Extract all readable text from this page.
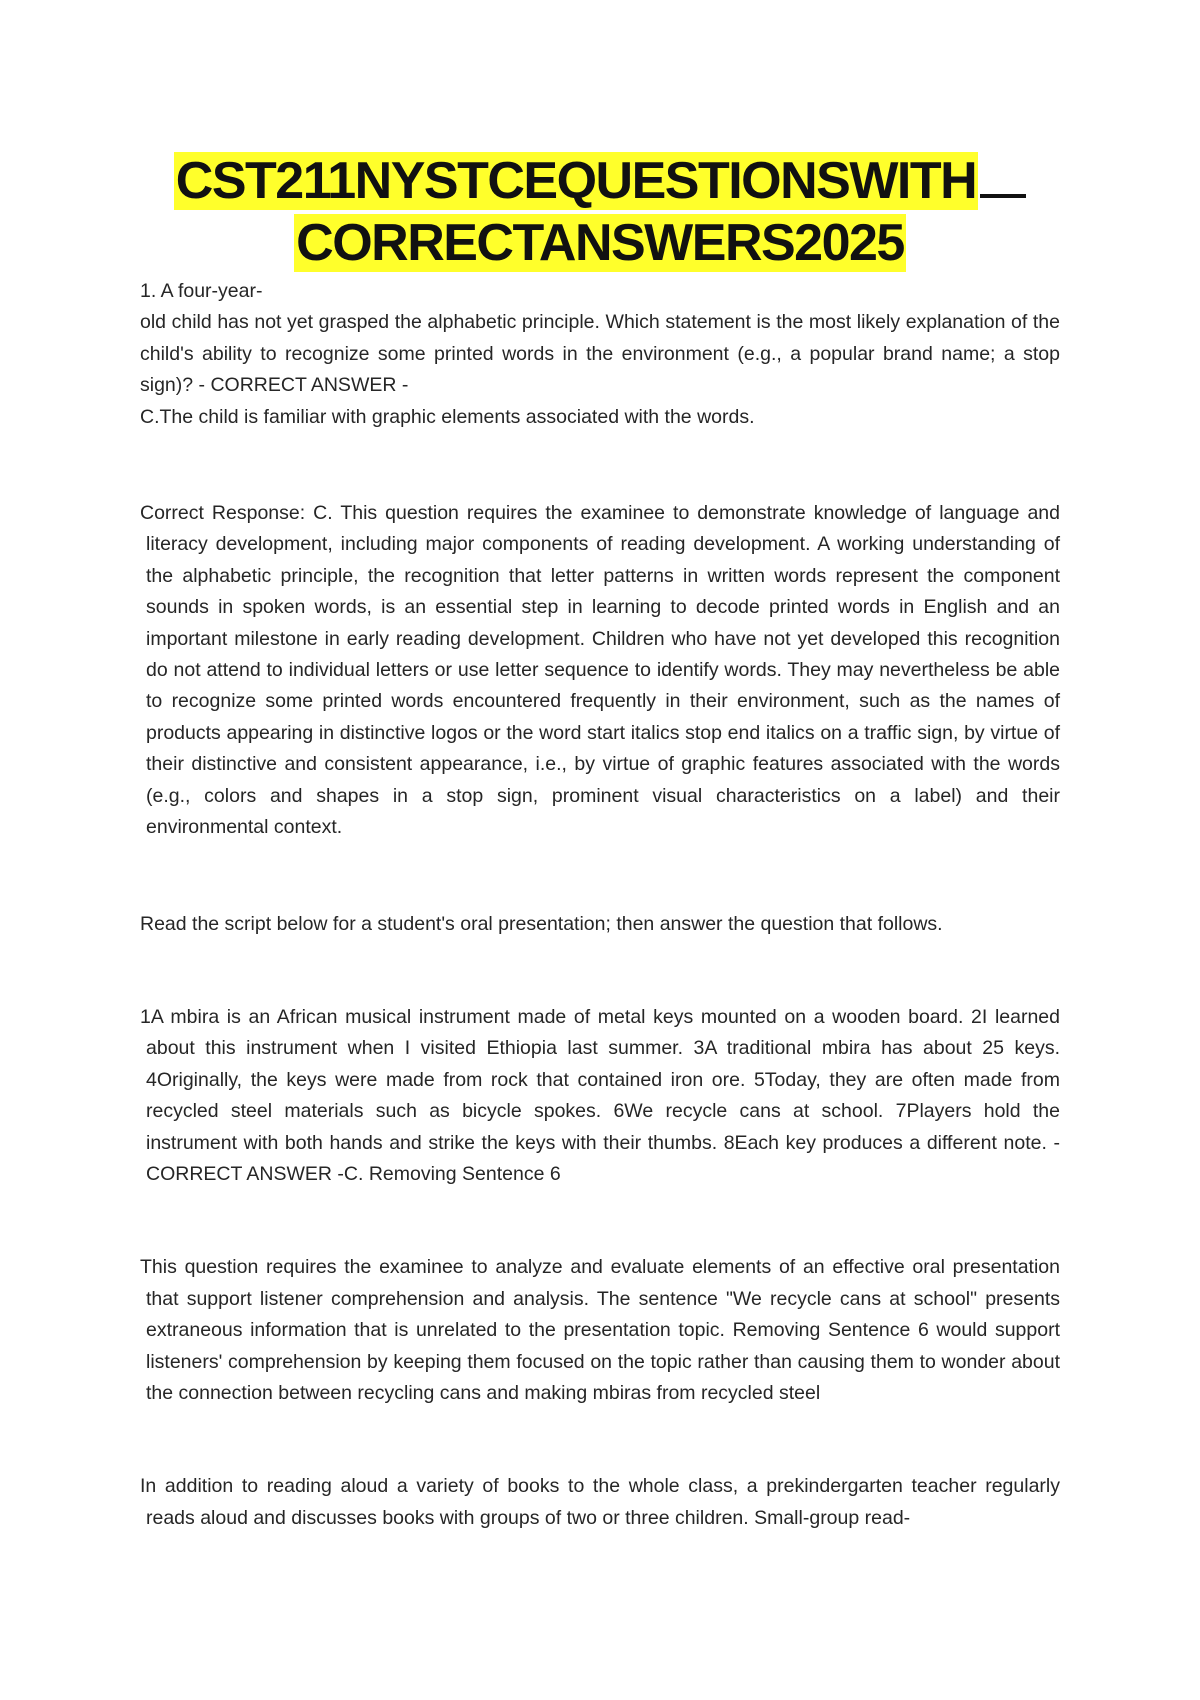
CST211NYSTCEQUESTIONSWITH
CORRECTANSWERS2025

1. A four-year-

old child has not yet grasped the alphabetic principle. Which statement is the most likely explanation of the child's ability to recognize some printed words in the environment (e.g., a popular brand name; a stop sign)? - CORRECT ANSWER -

C.The child is familiar with graphic elements associated with the words.

Correct Response: C. This question requires the examinee to demonstrate knowledge of language and literacy development, including major components of reading development. A working understanding of the alphabetic principle, the recognition that letter patterns in written words represent the component sounds in spoken words, is an essential step in learning to decode printed words in English and an important milestone in early reading development. Children who have not yet developed this recognition do not attend to individual letters or use letter sequence to identify words. They may nevertheless be able to recognize some printed words encountered frequently in their environment, such as the names of products appearing in distinctive logos or the word start italics stop end italics on a traffic sign, by virtue of their distinctive and consistent appearance, i.e., by virtue of graphic features associated with the words (e.g., colors and shapes in a stop sign, prominent visual characteristics on a label) and their environmental context.

Read the script below for a student's oral presentation; then answer the question that follows.

1A mbira is an African musical instrument made of metal keys mounted on a wooden board. 2I learned about this instrument when I visited Ethiopia last summer. 3A traditional mbira has about 25 keys. 4Originally, the keys were made from rock that contained iron ore. 5Today, they are often made from recycled steel materials such as bicycle spokes. 6We recycle cans at school. 7Players hold the instrument with both hands and strike the keys with their thumbs. 8Each key produces a different note. - CORRECT ANSWER -C. Removing Sentence 6

This question requires the examinee to analyze and evaluate elements of an effective oral presentation that support listener comprehension and analysis. The sentence "We recycle cans at school" presents extraneous information that is unrelated to the presentation topic. Removing Sentence 6 would support listeners' comprehension by keeping them focused on the topic rather than causing them to wonder about the connection between recycling cans and making mbiras from recycled steel

In addition to reading aloud a variety of books to the whole class, a prekindergarten teacher regularly reads aloud and discusses books with groups of two or three children. Small-group read-
